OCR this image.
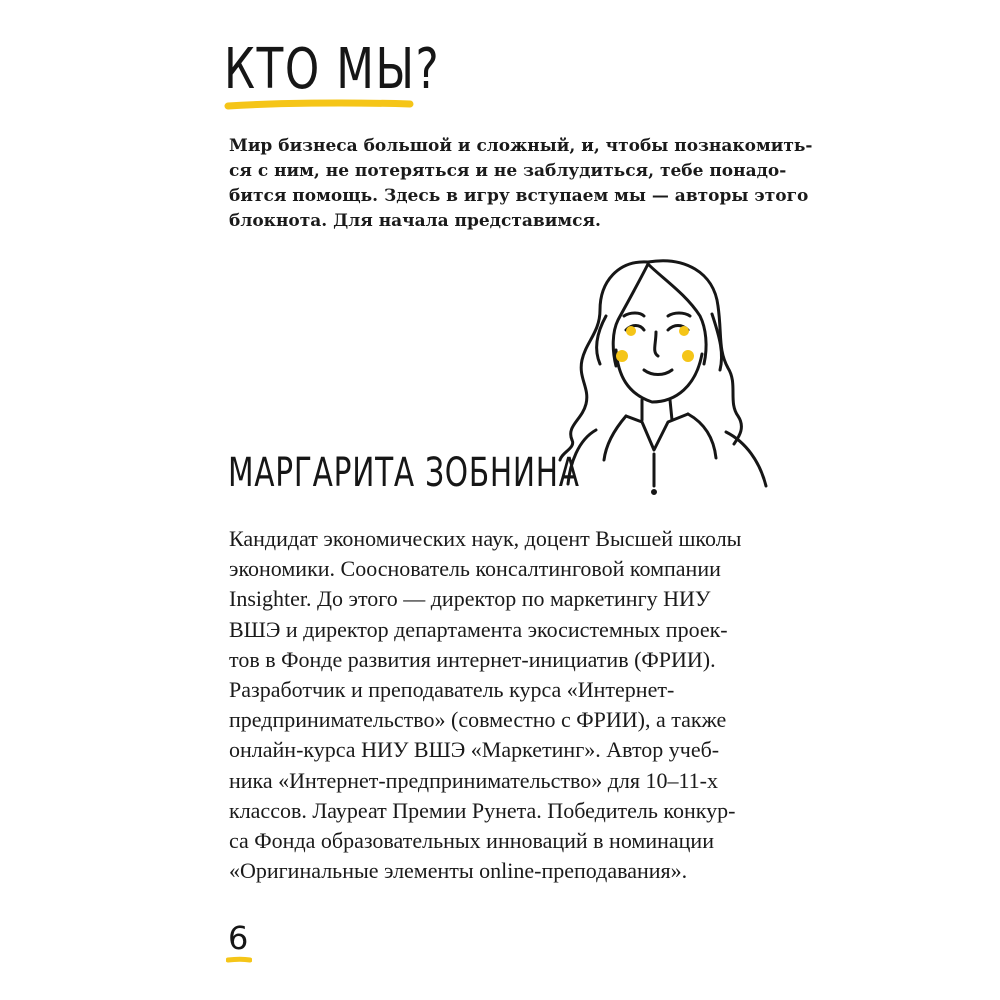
КТО МЫ?

Мир бизнеса большой и сложный, и, чтобы познакомить-
ся с ним, не потеряться и не заблудиться, тебе понадо-
бится помощь. Здесь в игру вступаем мы — авторы этого
блокнота. Для начала представимся.

МАРГАРИТА ЗОБНИНА

Кандидат экономических наук, доцент Высшей школы
экономики. Сооснователь консалтинговой компании
Insighter. До этого — директор по маркетингу НИУ
ВШЭ и директор департамента экосистемных проек-
тов в Фонде развития интернет-инициатив (ФРИИ).
Разработчик и преподаватель курса «Интернет-
предпринимательство» (совместно с ФРИИ), а также
онлайн-курса НИУ ВШЭ «Маркетинг». Автор учеб-
ника «Интернет-предпринимательство» для 10–11-х
классов. Лауреат Премии Рунета. Победитель конкур-
са Фонда образовательных инноваций в номинации
«Оригинальные элементы online-преподавания».

6
